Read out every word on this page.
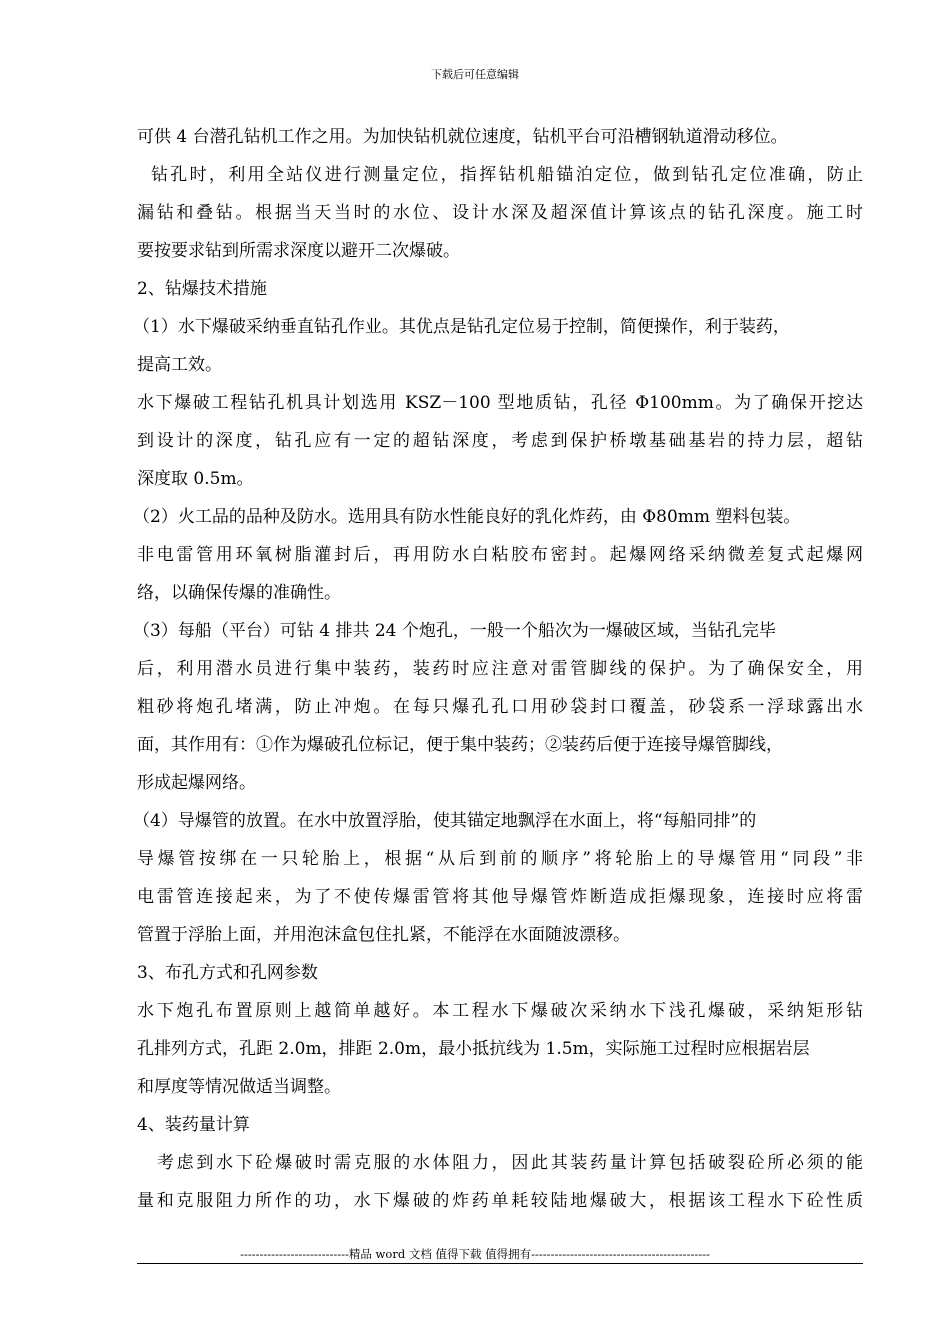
下载后可任意编辑
可供 4 台潜孔钻机工作之用。为加快钻机就位速度，钻机平台可沿槽钢轨道滑动移位。
钻孔时，利用全站仪进行测量定位，指挥钻机船锚泊定位，做到钻孔定位准确，防止
漏钻和叠钻。根据当天当时的水位、设计水深及超深值计算该点的钻孔深度。施工时
要按要求钻到所需求深度以避开二次爆破。
2、钻爆技术措施
（1）水下爆破采纳垂直钻孔作业。其优点是钻孔定位易于控制，简便操作，利于装药，
提高工效。
水下爆破工程钻孔机具计划选用 KSZ－100 型地质钻，孔径 Φ100mm。为了确保开挖达
到设计的深度，钻孔应有一定的超钻深度，考虑到保护桥墩基础基岩的持力层，超钻
深度取 0.5m。
（2）火工品的品种及防水。选用具有防水性能良好的乳化炸药，由 Φ80mm 塑料包装。
非电雷管用环氧树脂灌封后，再用防水白粘胶布密封。起爆网络采纳微差复式起爆网
络，以确保传爆的准确性。
（3）每船（平台）可钻 4 排共 24 个炮孔，一般一个船次为一爆破区域，当钻孔完毕
后，利用潜水员进行集中装药，装药时应注意对雷管脚线的保护。为了确保安全，用
粗砂将炮孔堵满，防止冲炮。在每只爆孔孔口用砂袋封口覆盖，砂袋系一浮球露出水
面，其作用有：①作为爆破孔位标记，便于集中装药；②装药后便于连接导爆管脚线，
形成起爆网络。
（4）导爆管的放置。在水中放置浮胎，使其锚定地飘浮在水面上，将“每船同排”的
导爆管按绑在一只轮胎上，根据“从后到前的顺序”将轮胎上的导爆管用“同段”非
电雷管连接起来，为了不使传爆雷管将其他导爆管炸断造成拒爆现象，连接时应将雷
管置于浮胎上面，并用泡沫盒包住扎紧，不能浮在水面随波漂移。
3、布孔方式和孔网参数
水下炮孔布置原则上越简单越好。本工程水下爆破次采纳水下浅孔爆破，采纳矩形钻
孔排列方式，孔距 2.0m，排距 2.0m，最小抵抗线为 1.5m，实际施工过程时应根据岩层
和厚度等情况做适当调整。
4、装药量计算
考虑到水下砼爆破时需克服的水体阻力，因此其装药量计算包括破裂砼所必须的能
量和克服阻力所作的功，水下爆破的炸药单耗较陆地爆破大，根据该工程水下砼性质
----------------------------精品 word 文档 值得下载 值得拥有----------------------------------------------
